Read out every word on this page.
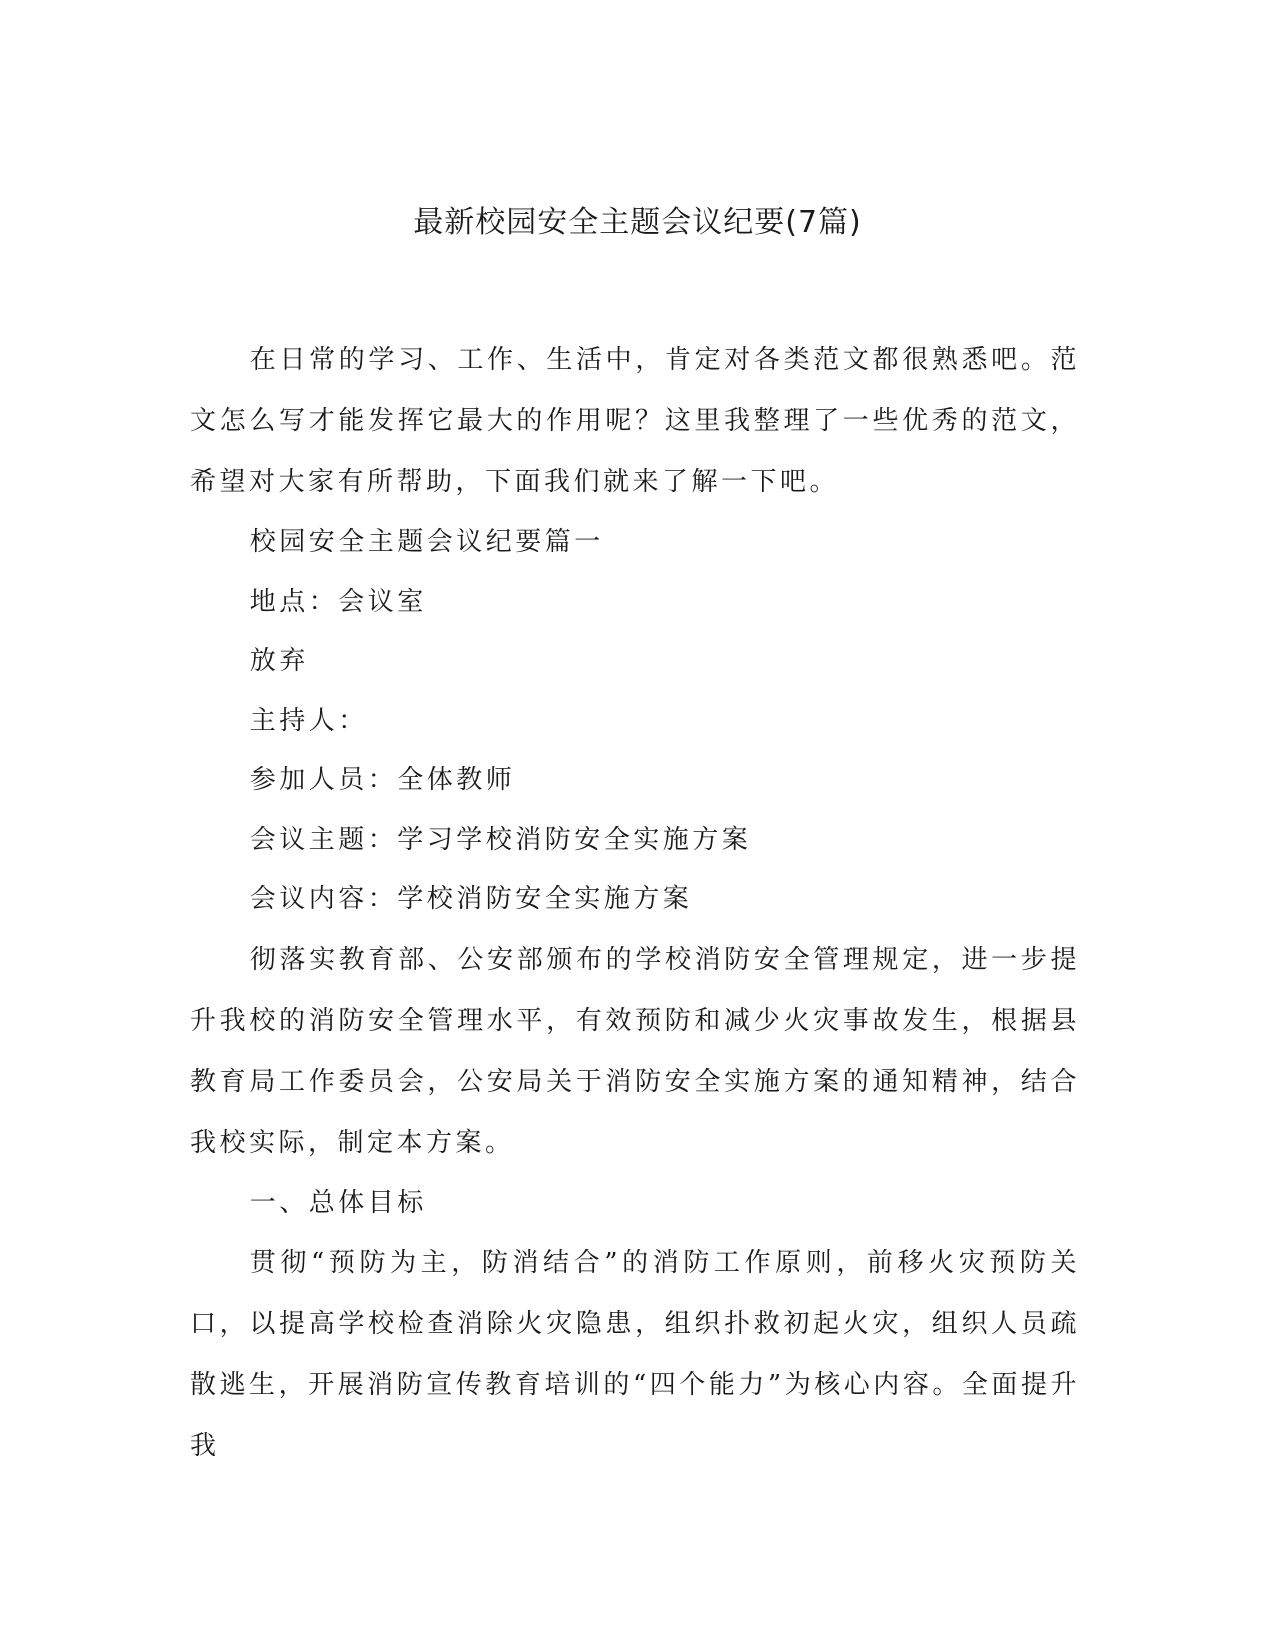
最新校园安全主题会议纪要(7篇)

在日常的学习、工作、生活中，肯定对各类范文都很熟悉吧。范文怎么写才能发挥它最大的作用呢？这里我整理了一些优秀的范文，希望对大家有所帮助，下面我们就来了解一下吧。

校园安全主题会议纪要篇一

地点：会议室

放弃

主持人：

参加人员：全体教师

会议主题：学习学校消防安全实施方案

会议内容：学校消防安全实施方案

彻落实教育部、公安部颁布的学校消防安全管理规定，进一步提升我校的消防安全管理水平，有效预防和减少火灾事故发生，根据县教育局工作委员会，公安局关于消防安全实施方案的通知精神，结合我校实际，制定本方案。

一、总体目标

贯彻“预防为主，防消结合”的消防工作原则，前移火灾预防关口，以提高学校检查消除火灾隐患，组织扑救初起火灾，组织人员疏散逃生，开展消防宣传教育培训的“四个能力”为核心内容。全面提升我
